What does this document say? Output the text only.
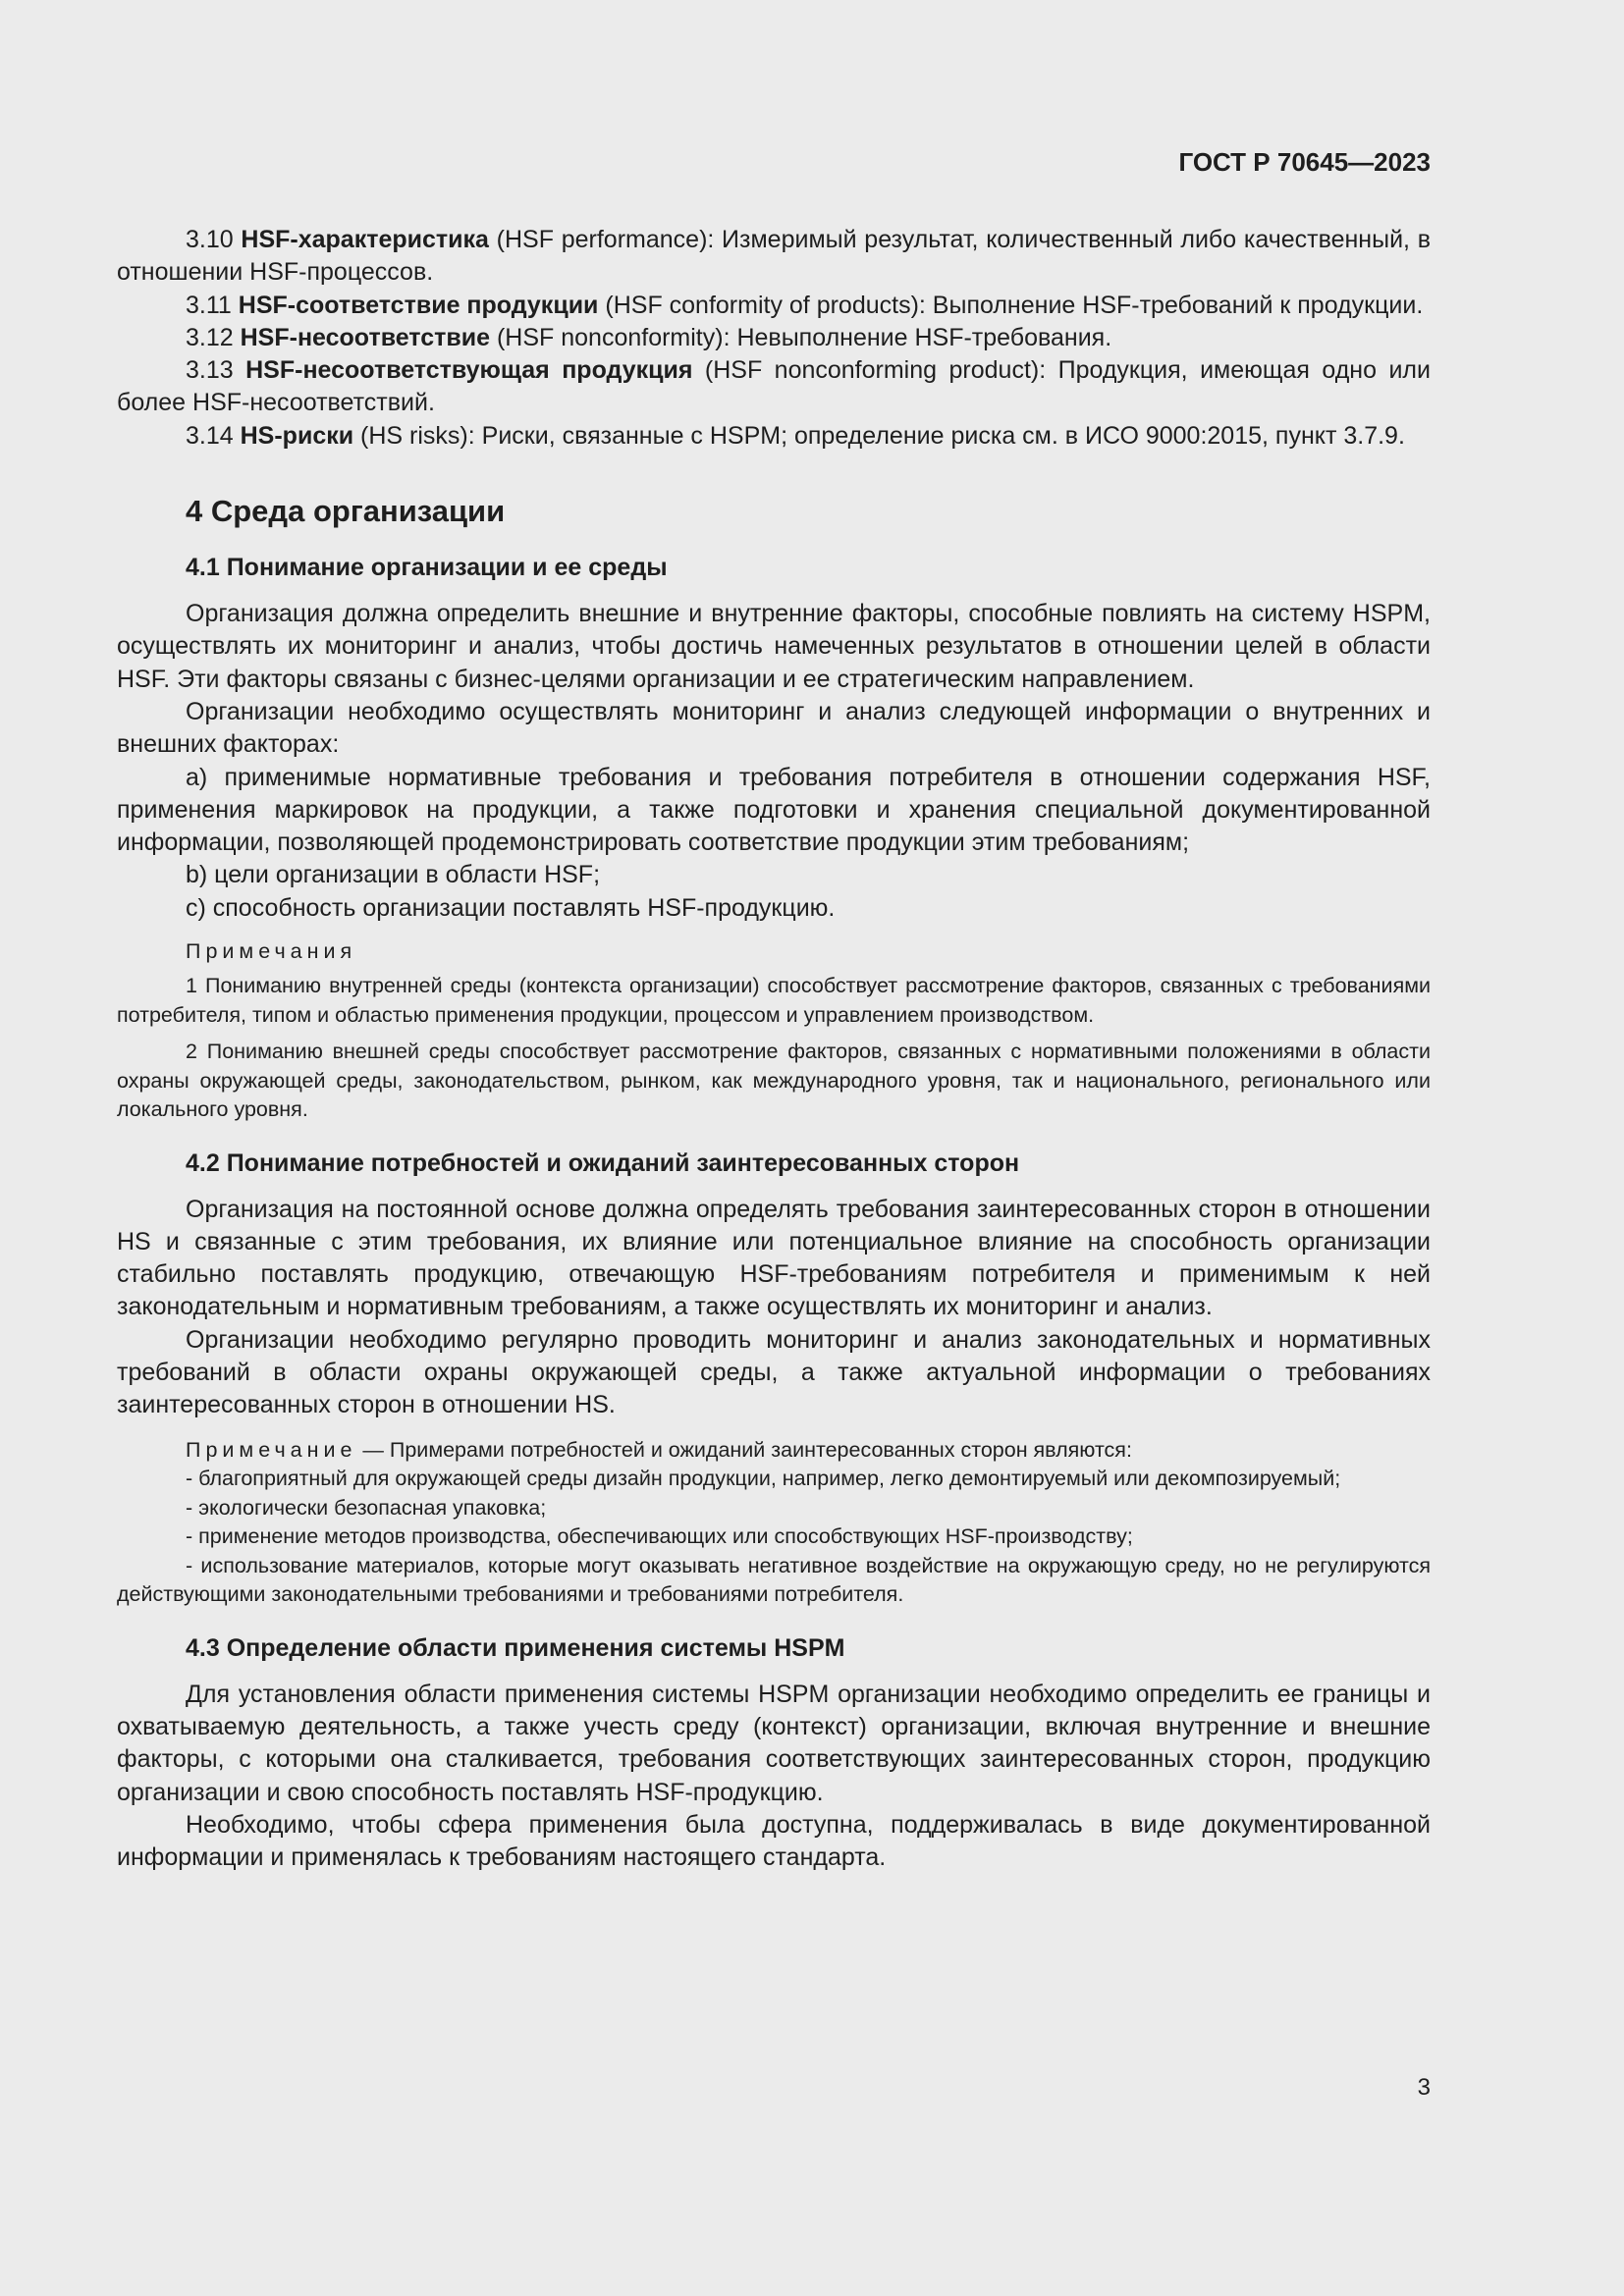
ГОСТ Р 70645—2023

3.10 HSF-характеристика (HSF performance): Измеримый результат, количественный либо качественный, в отношении HSF-процессов.

3.11 HSF-соответствие продукции (HSF conformity of products): Выполнение HSF-требований к продукции.

3.12 HSF-несоответствие (HSF nonconformity): Невыполнение HSF-требования.

3.13 HSF-несоответствующая продукция (HSF nonconforming product): Продукция, имеющая одно или более HSF-несоответствий.

3.14 HS-риски (HS risks): Риски, связанные с HSPM; определение риска см. в ИСО 9000:2015, пункт 3.7.9.

4 Среда организации
4.1 Понимание организации и ее среды

Организация должна определить внешние и внутренние факторы, способные повлиять на систему HSPM, осуществлять их мониторинг и анализ, чтобы достичь намеченных результатов в отношении целей в области HSF. Эти факторы связаны с бизнес-целями организации и ее стратегическим направлением.

Организации необходимо осуществлять мониторинг и анализ следующей информации о внутренних и внешних факторах:

а) применимые нормативные требования и требования потребителя в отношении содержания HSF, применения маркировок на продукции, а также подготовки и хранения специальной документированной информации, позволяющей продемонстрировать соответствие продукции этим требованиям;

b) цели организации в области HSF;

с) способность организации поставлять HSF-продукцию.

Примечания

1 Пониманию внутренней среды (контекста организации) способствует рассмотрение факторов, связанных с требованиями потребителя, типом и областью применения продукции, процессом и управлением производством.

2 Пониманию внешней среды способствует рассмотрение факторов, связанных с нормативными положениями в области охраны окружающей среды, законодательством, рынком, как международного уровня, так и национального, регионального или локального уровня.

4.2 Понимание потребностей и ожиданий заинтересованных сторон

Организация на постоянной основе должна определять требования заинтересованных сторон в отношении HS и связанные с этим требования, их влияние или потенциальное влияние на способность организации стабильно поставлять продукцию, отвечающую HSF-требованиям потребителя и применимым к ней законодательным и нормативным требованиям, а также осуществлять их мониторинг и анализ.

Организации необходимо регулярно проводить мониторинг и анализ законодательных и нормативных требований в области охраны окружающей среды, а также актуальной информации о требованиях заинтересованных сторон в отношении HS.

Примечание — Примерами потребностей и ожиданий заинтересованных сторон являются:

- благоприятный для окружающей среды дизайн продукции, например, легко демонтируемый или декомпозируемый;

- экологически безопасная упаковка;

- применение методов производства, обеспечивающих или способствующих HSF-производству;

- использование материалов, которые могут оказывать негативное воздействие на окружающую среду, но не регулируются действующими законодательными требованиями и требованиями потребителя.

4.3 Определение области применения системы HSPM

Для установления области применения системы HSPM организации необходимо определить ее границы и охватываемую деятельность, а также учесть среду (контекст) организации, включая внутренние и внешние факторы, с которыми она сталкивается, требования соответствующих заинтересованных сторон, продукцию организации и свою способность поставлять HSF-продукцию.

Необходимо, чтобы сфера применения была доступна, поддерживалась в виде документированной информации и применялась к требованиям настоящего стандарта.

3
